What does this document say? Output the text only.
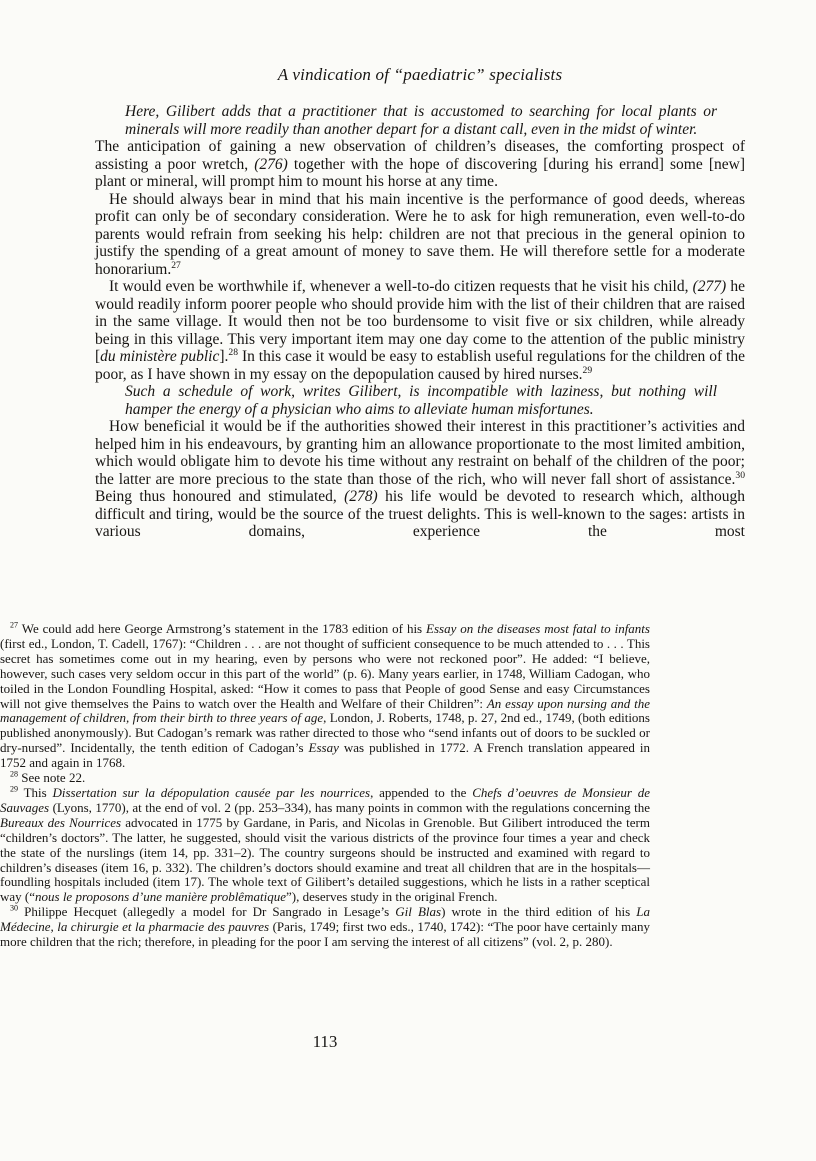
A vindication of “paediatric” specialists

Here, Gilibert adds that a practitioner that is accustomed to searching for local plants or minerals will more readily than another depart for a distant call, even in the midst of winter.

The anticipation of gaining a new observation of children’s diseases, the comforting prospect of assisting a poor wretch, (276) together with the hope of discovering [during his errand] some [new] plant or mineral, will prompt him to mount his horse at any time.

He should always bear in mind that his main incentive is the performance of good deeds, whereas profit can only be of secondary consideration. Were he to ask for high remuneration, even well-to-do parents would refrain from seeking his help: children are not that precious in the general opinion to justify the spending of a great amount of money to save them. He will therefore settle for a moderate honorarium.$^{27}$

It would even be worthwhile if, whenever a well-to-do citizen requests that he visit his child, (277) he would readily inform poorer people who should provide him with the list of their children that are raised in the same village. It would then not be too burdensome to visit five or six children, while already being in this village. This very important item may one day come to the attention of the public ministry [du ministère public].$^{28}$ In this case it would be easy to establish useful regulations for the children of the poor, as I have shown in my essay on the depopulation caused by hired nurses.$^{29}$

Such a schedule of work, writes Gilibert, is incompatible with laziness, but nothing will hamper the energy of a physician who aims to alleviate human misfortunes.

How beneficial it would be if the authorities showed their interest in this practitioner’s activities and helped him in his endeavours, by granting him an allowance proportionate to the most limited ambition, which would obligate him to devote his time without any restraint on behalf of the children of the poor; the latter are more precious to the state than those of the rich, who will never fall short of assistance.$^{30}$ Being thus honoured and stimulated, (278) his life would be devoted to research which, although difficult and tiring, would be the source of the truest delights. This is well-known to the sages: artists in various domains, experience the most

$^{27}$ We could add here George Armstrong’s statement in the 1783 edition of his Essay on the diseases most fatal to infants (first ed., London, T. Cadell, 1767): “Children . . . are not thought of sufficient consequence to be much attended to . . . This secret has sometimes come out in my hearing, even by persons who were not reckoned poor”. He added: “I believe, however, such cases very seldom occur in this part of the world” (p. 6). Many years earlier, in 1748, William Cadogan, who toiled in the London Foundling Hospital, asked: “How it comes to pass that People of good Sense and easy Circumstances will not give themselves the Pains to watch over the Health and Welfare of their Children”: An essay upon nursing and the management of children, from their birth to three years of age, London, J. Roberts, 1748, p. 27, 2nd ed., 1749, (both editions published anonymously). But Cadogan’s remark was rather directed to those who “send infants out of doors to be suckled or dry-nursed”. Incidentally, the tenth edition of Cadogan’s Essay was published in 1772. A French translation appeared in 1752 and again in 1768.

$^{28}$ See note 22.

$^{29}$ This Dissertation sur la dépopulation causée par les nourrices, appended to the Chefs d’oeuvres de Monsieur de Sauvages (Lyons, 1770), at the end of vol. 2 (pp. 253–334), has many points in common with the regulations concerning the Bureaux des Nourrices advocated in 1775 by Gardane, in Paris, and Nicolas in Grenoble. But Gilibert introduced the term “children’s doctors”. The latter, he suggested, should visit the various districts of the province four times a year and check the state of the nurslings (item 14, pp. 331–2). The country surgeons should be instructed and examined with regard to children’s diseases (item 16, p. 332). The children’s doctors should examine and treat all children that are in the hospitals—foundling hospitals included (item 17). The whole text of Gilibert’s detailed suggestions, which he lists in a rather sceptical way (“nous le proposons d’une manière problêmatique”), deserves study in the original French.

$^{30}$ Philippe Hecquet (allegedly a model for Dr Sangrado in Lesage’s Gil Blas) wrote in the third edition of his La Médecine, la chirurgie et la pharmacie des pauvres (Paris, 1749; first two eds., 1740, 1742): “The poor have certainly many more children that the rich; therefore, in pleading for the poor I am serving the interest of all citizens” (vol. 2, p. 280).

113
